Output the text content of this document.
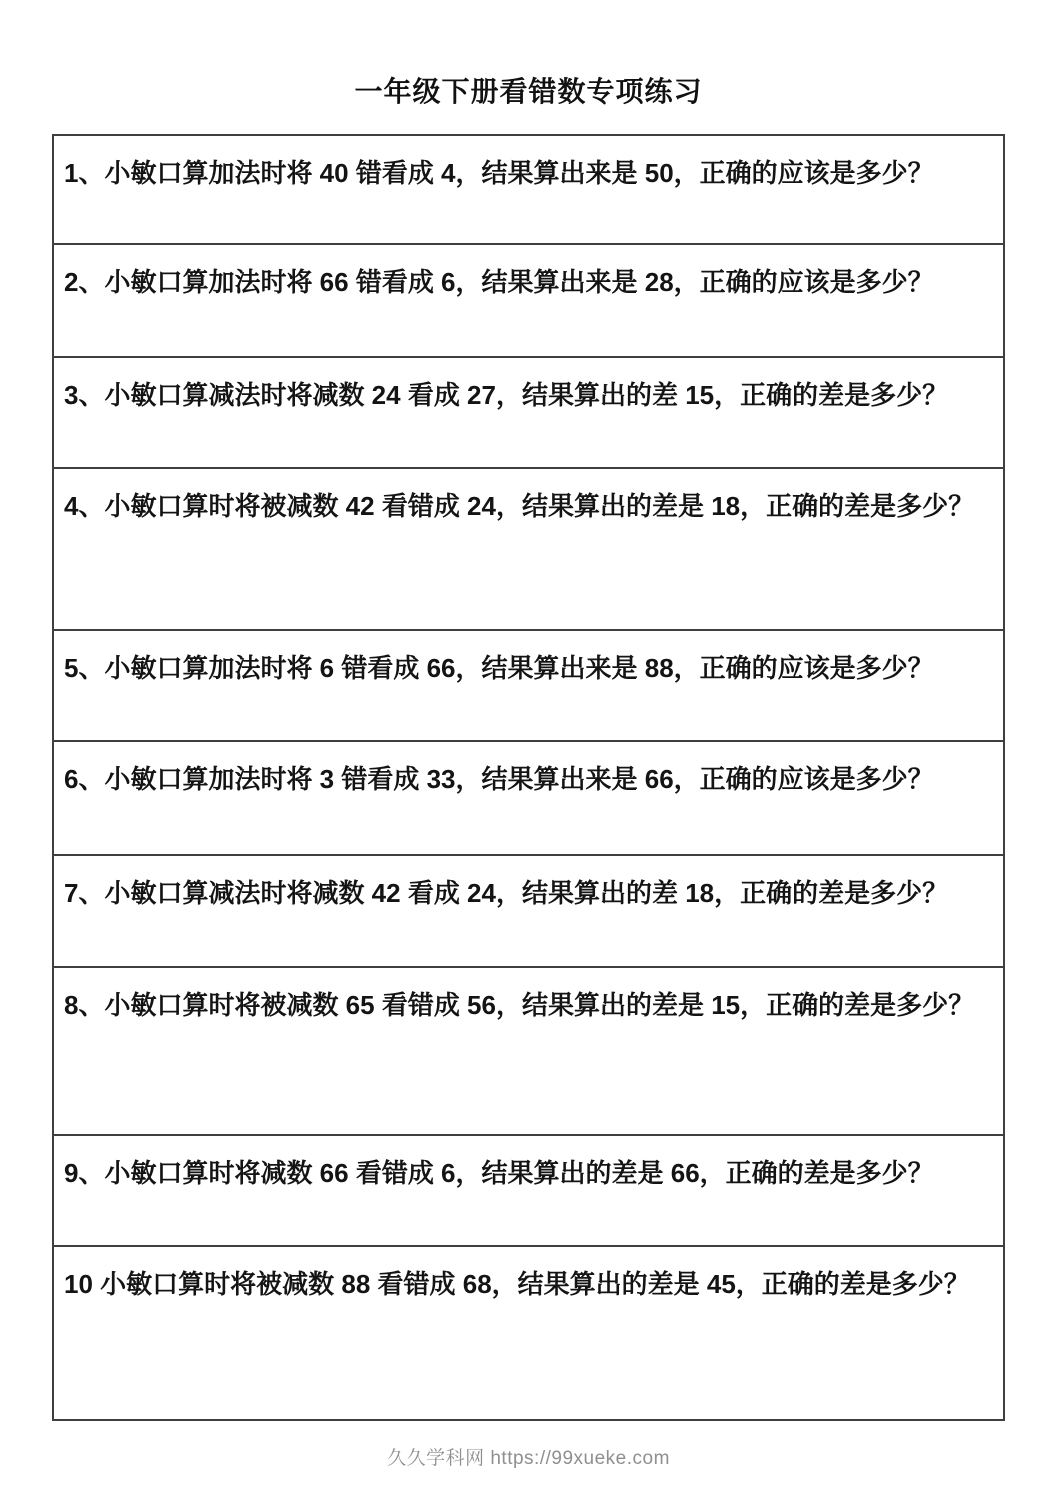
一年级下册看错数专项练习
1、小敏口算加法时将 40 错看成 4，结果算出来是 50，正确的应该是多少？
2、小敏口算加法时将 66 错看成 6，结果算出来是 28，正确的应该是多少？
3、小敏口算减法时将减数 24 看成 27，结果算出的差 15，正确的差是多少？
4、小敏口算时将被减数 42 看错成 24，结果算出的差是 18，正确的差是多少？
5、小敏口算加法时将 6 错看成 66，结果算出来是 88，正确的应该是多少？
6、小敏口算加法时将 3 错看成 33，结果算出来是 66，正确的应该是多少？
7、小敏口算减法时将减数 42 看成 24，结果算出的差 18，正确的差是多少？
8、小敏口算时将被减数 65 看错成 56，结果算出的差是 15，正确的差是多少？
9、小敏口算时将减数 66 看错成 6，结果算出的差是 66，正确的差是多少？
10 小敏口算时将被减数 88 看错成 68，结果算出的差是 45，正确的差是多少？
久久学科网 https://99xueke.com
